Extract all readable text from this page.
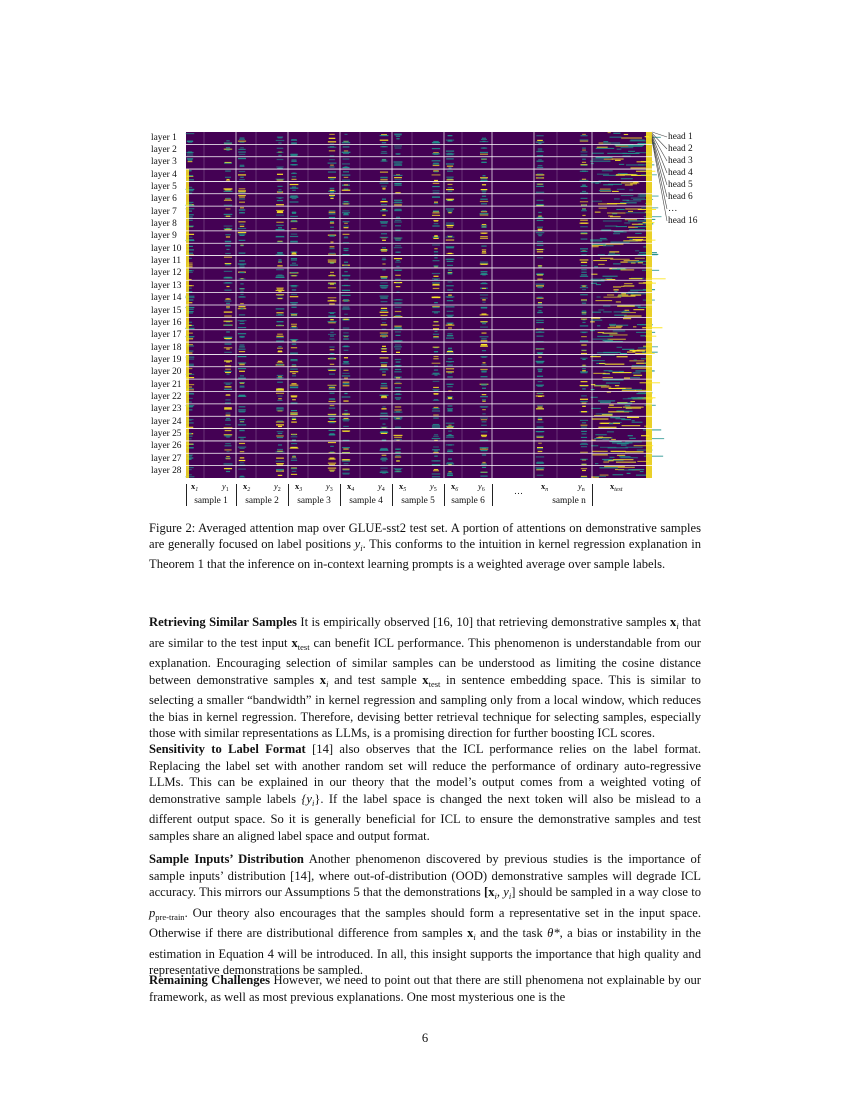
layer 1
layer 2
layer 3
layer 4
layer 5
layer 6
layer 7
layer 8
layer 9
layer 10
layer 11
layer 12
layer 13
layer 14
layer 15
layer 16
layer 17
layer 18
layer 19
layer 20
layer 21
layer 22
layer 23
layer 24
layer 25
layer 26
layer 27
layer 28
head 1
head 2
head 3
head 4
head 5
head 6
…
head 16
$x_1$	$y_1$ $x_2$	$y_2$ $x_3$	$y_3$ $x_4$	$y_4$ $x_5$	$y_5$ $x_6$ $y_6$	$x_n$	$y_n$	$x_{test}$
sample 1	sample 2	sample 3	sample 4	sample 5	sample 6	sample n
…
Figure 2: Averaged attention map over GLUE-sst2 test set. A portion of attentions on demonstrative samples are generally focused on label positions $y_i$. This conforms to the intuition in kernel regression explanation in Theorem 1 that the inference on in-context learning prompts is a weighted average over sample labels.
Retrieving Similar Samples It is empirically observed [16, 10] that retrieving demonstrative samples $x_i$ that are similar to the test input $x_{test}$ can benefit ICL performance. This phenomenon is understandable from our explanation. Encouraging selection of similar samples can be understood as limiting the cosine distance between demonstrative samples $x_i$ and test sample $x_{test}$ in sentence embedding space. This is similar to selecting a smaller “bandwidth” in kernel regression and sampling only from a local window, which reduces the bias in kernel regression. Therefore, devising better retrieval technique for selecting samples, especially those with similar representations as LLMs, is a promising direction for further boosting ICL scores.
Sensitivity to Label Format [14] also observes that the ICL performance relies on the label format. Replacing the label set with another random set will reduce the performance of ordinary auto-regressive LLMs. This can be explained in our theory that the model’s output comes from a weighted voting of demonstrative sample labels $\{y_i\}$. If the label space is changed the next token will also be mislead to a different output space. So it is generally beneficial for ICL to ensure the demonstrative samples and test samples share an aligned label space and output format.
Sample Inputs’ Distribution Another phenomenon discovered by previous studies is the importance of sample inputs’ distribution [14], where out-of-distribution (OOD) demonstrative samples will degrade ICL accuracy. This mirrors our Assumptions 5 that the demonstrations [$x_i$, $y_i$] should be sampled in a way close to $p_{pre-train}$. Our theory also encourages that the samples should form a representative set in the input space. Otherwise if there are distributional difference from samples $x_i$ and the task θ*, a bias or instability in the estimation in Equation 4 will be introduced. In all, this insight supports the importance that high quality and representative demonstrations be sampled.
Remaining Challenges However, we need to point out that there are still phenomena not explainable by our framework, as well as most previous explanations. One most mysterious one is the
6
